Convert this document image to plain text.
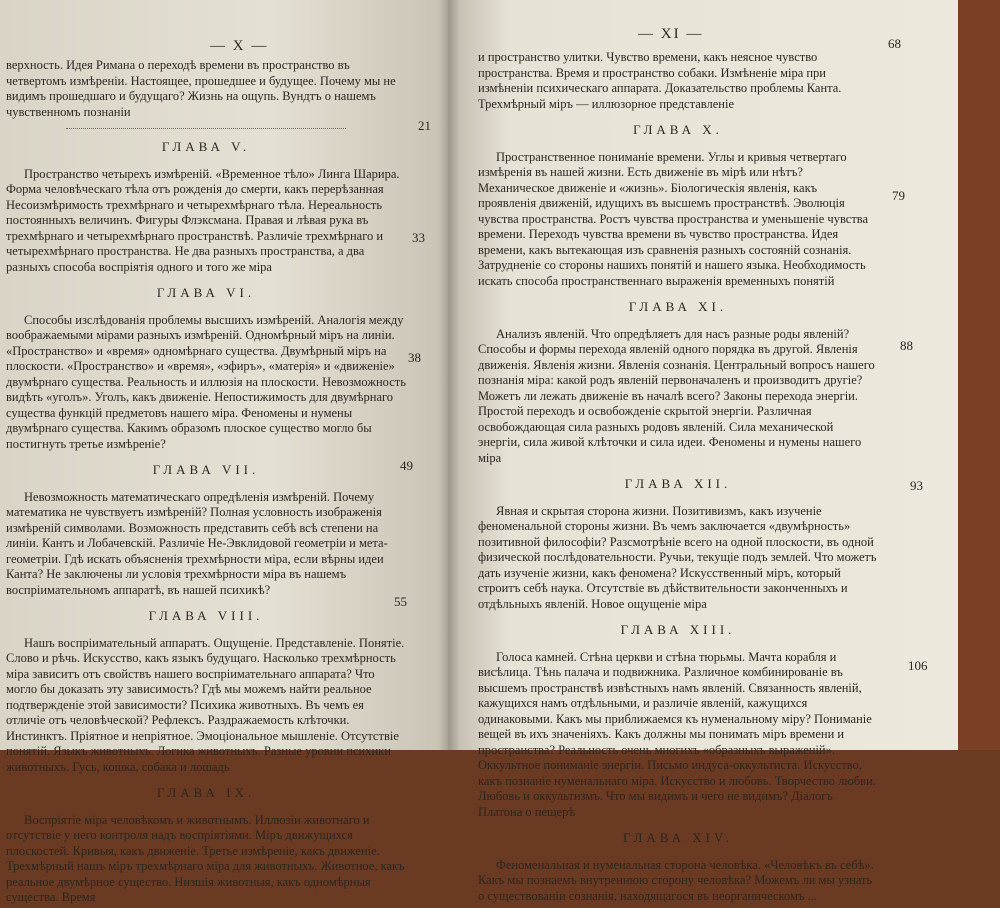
— X —

верхность. Идея Римана о переходѣ времени въ пространство въ четвертомъ измѣренiи. Настоящее, прошедшее и будущее. Почему мы не видимъ прошедшаго и будущаго? Жизнь на ощупь. Вундтъ о нашемъ чувственномъ познанiи

ГЛАВА V.

Пространство четырехъ измѣренiй. «Временное тѣло» Линга Шарира. Форма человѣческаго тѣла отъ рожденiя до смерти, какъ перерѣзанная Несоизмѣримость трехмѣрнаго и четырехмѣрнаго тѣла. Нереальность постоянныхъ величинъ. Фигуры Флэксмана. Правая и лѣвая рука въ трехмѣрнаго и четырехмѣрнаго пространствѣ. Различiе трехмѣрнаго и четырехмѣрнаго пространства. Не два разныхъ пространства, а два разныхъ способа воспрiятiя одного и того же мiра

ГЛАВА VI.

Способы изслѣдованiя проблемы высшихъ измѣренiй. Аналогiя между воображаемыми мiрами разныхъ измѣренiй. Одномѣрный мiръ на линiи. «Пространство» и «время» одномѣрнаго существа. Двумѣрный мiръ на плоскости. «Пространство» и «время», «эфиръ», «матерiя» и «движенiе» двумѣрнаго существа. Реальность и иллюзiя на плоскости. Невозможность видѣть «уголъ». Уголъ, какъ движенiе. Непостижимость для двумѣрнаго существа функцiй предметовъ нашего мiра. Феномены и нумены двумѣрнаго существа. Какимъ образомъ плоское существо могло бы постигнуть третье измѣренiе?

ГЛАВА VII.

Невозможность математическаго опредѣленiя измѣренiй. Почему математика не чувствуетъ измѣренiй? Полная условность изображенiя измѣренiй символами. Возможность представить себѣ всѣ степени на линiи. Кантъ и Лобачевскiй. Различiе Не-Эвклидовой геометрiи и мета-геометрiи. Гдѣ искать объясненiя трехмѣрности мiра, если вѣрны идеи Канта? Не заключены ли условiя трехмѣрности мiра въ нашемъ воспрiимательномъ аппаратѣ, въ нашей психикѣ?

ГЛАВА VIII.

Нашъ воспрiимательный аппаратъ. Ощущенiе. Представленiе. Понятiе. Слово и рѣчь. Искусство, какъ языкъ будущаго. Насколько трехмѣрность мiра зависитъ отъ свойствъ нашего воспрiимательнаго аппарата? Что могло бы доказать эту зависимость? Гдѣ мы можемъ найти реальное подтвержденiе этой зависимости? Психика животныхъ. Въ чемъ ея отличiе отъ человѣческой? Рефлексъ. Раздражаемость клѣточки. Инстинктъ. Прiятное и непрiятное. Эмоцiональное мышленiе. Отсутствiе понятiй. Языкъ животныхъ. Логика животныхъ. Разные уровни психики животныхъ. Гусь, кошка, собака и лошадь

ГЛАВА IX.

Воспрiятiе мiра человѣкомъ и животнымъ. Иллюзiи животнаго и отсутствiе у него контроля надъ воспрiятiями. Мiръ движущихся плоскостей. Кривыя, какъ движенiе. Третье измѣренiе, какъ движенiе. Трехмѣрный нашъ мiръ трехмѣрнаго мiра для животныхъ. Животное, какъ реальное двумѣрное существо. Низшiя животныя, какъ одномѣрныя существа. Время

21
33
38
49
55
— XI —

и пространство улитки. Чувство времени, какъ неясное чувство пространства. Время и пространство собаки. Измѣненiе мiра при измѣненiи психическаго аппарата. Доказательство проблемы Канта. Трехмѣрный мiръ — иллюзорное представленiе

ГЛАВА X.

Пространственное пониманiе времени. Углы и кривыя четвертаго измѣренiя въ нашей жизни. Есть движенiе въ мiрѣ или нѣтъ? Механическое движенiе и «жизнь». Бiологическiя явленiя, какъ проявленiя движенiй, идущихъ въ высшемъ пространствѣ. Эволюцiя чувства пространства. Ростъ чувства пространства и уменьшенiе чувства времени. Переходъ чувства времени въ чувство пространства. Идея времени, какъ вытекающая изъ сравненiя разныхъ состоянiй сознанiя. Затрудненiе со стороны нашихъ понятiй и нашего языка. Необходимость искать способа пространственнаго выраженiя временныхъ понятiй

ГЛАВА XI.

Анализъ явленiй. Что опредѣляетъ для насъ разные роды явленiй? Способы и формы перехода явленiй одного порядка въ другой. Явленiя движенiя. Явленiя жизни. Явленiя сознанiя. Центральный вопросъ нашего познанiя мiра: какой родъ явленiй первоначаленъ и производитъ другiе? Можетъ ли лежать движенiе въ началѣ всего? Законы перехода энергiи. Простой переходъ и освобожденiе скрытой энергiи. Различная освобождающая сила разныхъ родовъ явленiй. Сила механической энергiи, сила живой клѣточки и сила идеи. Феномены и нумены нашего мiра

ГЛАВА XII.

Явная и скрытая сторона жизни. Позитивизмъ, какъ изученiе феноменальной стороны жизни. Въ чемъ заключается «двумѣрность» позитивной философiи? Разсмотрѣнiе всего на одной плоскости, въ одной физической послѣдовательности. Ручьи, текущiе подъ землей. Что можетъ дать изученiе жизни, какъ феномена? Искусственный мiръ, который строитъ себѣ наука. Отсутствiе въ дѣйствительности законченныхъ и отдѣльныхъ явленiй. Новое ощущенiе мiра

ГЛАВА XIII.

Голоса камней. Стѣна церкви и стѣна тюрьмы. Мачта корабля и висѣлица. Тѣнь палача и подвижника. Различное комбинированiе въ высшемъ пространствѣ извѣстныхъ намъ явленiй. Связанность явленiй, кажущихся намъ отдѣльными, и различiе явленiй, кажущихся одинаковыми. Какъ мы приближаемся къ нуменальному мiру? Пониманiе вещей въ ихъ значенiяхъ. Какъ должны мы понимать мiръ времени и пространства? Реальность очень многихъ «образныхъ выраженiй». Оккультное пониманiе энергiи. Письмо индуса-оккультиста. Искусство, какъ познанiе нуменальнаго мiра. Искусство и любовь. Творчество любви. Любовь и оккультизмъ. Что мы видимъ и чего не видимъ? Дiалогъ Платона о пещерѣ

ГЛАВА XIV.

Феноменальная и нуменальная сторона человѣка. «Человѣкъ въ себѣ». Какъ мы познаемъ внутреннюю сторону человѣка? Можемъ ли мы узнать о существованiи сознанiя, находящагося въ неорганическомъ ...

68
79
88
93
106
